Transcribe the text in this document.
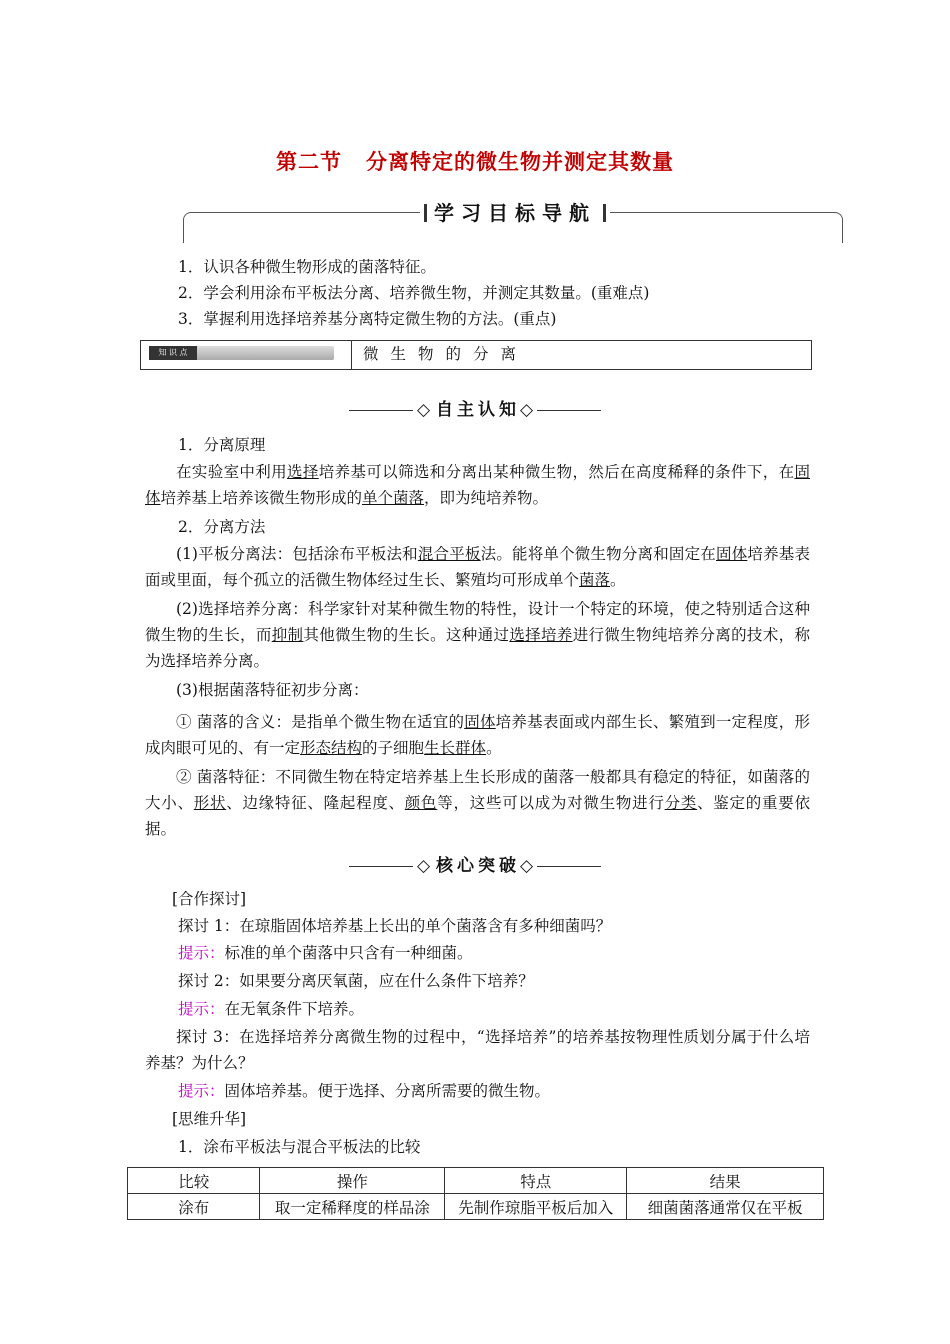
第二节 分离特定的微生物并测定其数量
学习目标导航
1．认识各种微生物形成的菌落特征。
2．学会利用涂布平板法分离、培养微生物，并测定其数量。(重难点)
3．掌握利用选择培养基分离特定微生物的方法。(重点)
知 识 点	微生物的分离
◇ 自主认知◇
1．分离原理
在实验室中利用选择培养基可以筛选和分离出某种微生物，然后在高度稀释的条件下，在固体培养基上培养该微生物形成的单个菌落，即为纯培养物。
2．分离方法
(1)平板分离法：包括涂布平板法和混合平板法。能将单个微生物分离和固定在固体培养基表面或里面，每个孤立的活微生物体经过生长、繁殖均可形成单个菌落。
(2)选择培养分离：科学家针对某种微生物的特性，设计一个特定的环境，使之特别适合这种微生物的生长，而抑制其他微生物的生长。这种通过选择培养进行微生物纯培养分离的技术，称为选择培养分离。
(3)根据菌落特征初步分离：
① 菌落的含义：是指单个微生物在适宜的固体培养基表面或内部生长、繁殖到一定程度，形成肉眼可见的、有一定形态结构的子细胞生长群体。
② 菌落特征：不同微生物在特定培养基上生长形成的菌落一般都具有稳定的特征，如菌落的大小、形状、边缘特征、隆起程度、颜色等，这些可以成为对微生物进行分类、鉴定的重要依据。
◇ 核心突破◇
[合作探讨]
探讨 1：在琼脂固体培养基上长出的单个菌落含有多种细菌吗？
提示：标准的单个菌落中只含有一种细菌。
探讨 2：如果要分离厌氧菌，应在什么条件下培养？
提示：在无氧条件下培养。
探讨 3：在选择培养分离微生物的过程中，“选择培养”的培养基按物理性质划分属于什么培养基？为什么？
提示：固体培养基。便于选择、分离所需要的微生物。
[思维升华]
1．涂布平板法与混合平板法的比较
比较	操作	特点	结果
涂布	取一定稀释度的样品涂	先制作琼脂平板后加入	细菌菌落通常仅在平板
